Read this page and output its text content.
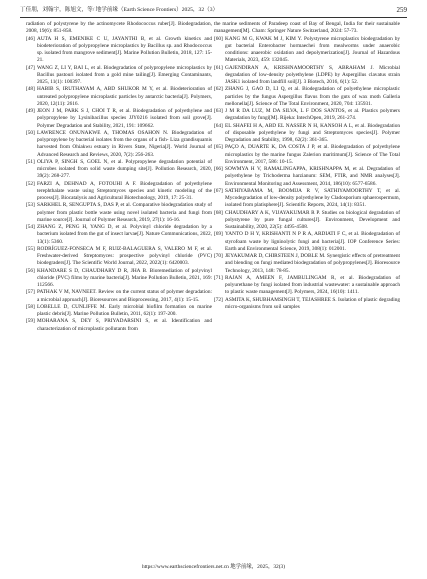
丁佳朋，刘翰宇，陈旭文，等/ 地学前缘（Earth Science Frontiers）2025，32（3）	259

radiation of polystyrene by the actinomycete Rhodococcus ruber[J]. Biodegradation, 2008, 19(6): 851-858.

[46] AUTA H S, EMENIKE C U, JAYANTHI B, et al. Growth kinetics and biodeterioration of polypropylene microplastics by Bacillus sp. and Rhodococcus sp. isolated from mangrove sediment[J]. Marine Pollution Bulletin, 2018, 127: 15-21.

[47] WANG Z, LI Y, BAI L, et al. Biodegradation of polypropylene microplastics by Bacillus pastouri isolated from a gold mine tailing[J]. Emerging Contaminants, 2025, 11(1): 100397.

[48] HABIB S, IRUTHAYAM A, ABD SHUKOR M Y, et al. Biodeterioration of untreated polypropylene microplastic particles by antarctic bacteria[J]. Polymers, 2020, 12(11): 2616.

[49] JEON J M, PARK S J, CHOI T R, et al. Biodegradation of polyethylene and polypropylene by Lysinibacillus species JJY0216 isolated from soil grove[J]. Polymer Degradation and Stability, 2021, 191: 109662.

[50] LAWRENCE ONUNAKWE A, THOMAS OSAHON N. Biodegradation of polypropylene by bacterial isolates from the organs of a fish- Liza grandisquamis harvested from Ohiakwu estuary in Rivers State, Nigeria[J]. World Journal of Advanced Research and Reviews, 2020, 7(2): 256-263.

[51] OLIYA P, SINGH S, GOEL N, et al. Polypropylene degradation potential of microbes isolated from solid waste dumping site[J]. Pollution Research, 2020, 39(2): 268-277.

[52] FARZI A, DEHNAD A, FOTOUHI A F. Biodegradation of polyethylene terephthalate waste using Streptomyces species and kinetic modeling of the process[J]. Biocatalysis and Agricultural Biotechnology, 2019, 17: 25-31.

[53] SARKHEL R, SENGUPTA S, DAS P, et al. Comparative biodegradation study of polymer from plastic bottle waste using novel isolated bacteria and fungi from marine source[J]. Journal of Polymer Research, 2019, 27(1): 16-16.

[54] ZHANG Z, PENG H, YANG D, et al. Polyvinyl chloride degradation by a bacterium isolated from the gut of insect larvae[J]. Nature Communications, 2022, 13(1): 5360.

[55] RODRÍGUEZ-FONSECA M F, RUIZ-BALAGUERA S, VALERO M F, et al. Freshwater-derived Streptomyces: prospective polyvinyl chloride (PVC) biodegraders[J]. The Scientific World Journal, 2022, 2022(1): 6420003.

[56] KHANDARE S D, CHAUDHARY D R, JHA B. Bioremediation of polyvinyl chloride (PVC) films by marine bacteria[J]. Marine Pollution Bulletin, 2021, 169: 112566.

[57] PATHAK V M, NAVNEET. Review on the current status of polymer degradation: a microbial approach[J]. Bioresources and Bioprocessing, 2017, 4(1): 15-15.

[58] LOBELLE D, CUNLIFFE M. Early microbial biofilm formation on marine plastic debris[J]. Marine Pollution Bulletin, 2011, 62(1): 197-200.

[59] MOHARANA S, DEY S, PRIYADARSINI S, et al. Identification and characterization of microplastic pollutants from

the marine sediments of Paradeep coast of Bay of Bengal, India for their sustainable management[M]. Cham: Springer Nature Switzerland, 2024: 57-73.

[60] KANG M G, KWAK M J, KIM Y. Polystyrene microplastics biodegradation by gut bacterial Enterobacter hormaechei from mealworms under anaerobic conditions: anaerobic oxidation and depolymerization[J]. Journal of Hazardous Materials, 2023, 459: 132045.

[61] GAJENDIRAN A, KRISHNAMOORTHY S, ABRAHAM J. Microbial degradation of low-density polyethylene (LDPE) by Aspergillus clavatus strain JASK1 isolated from landfill soil[J]. 3 Biotech, 2016, 6(1): 52.

[62] ZHANG J, GAO D, LI Q, et al. Biodegradation of polyethylene microplastic particles by the fungus Aspergillus flavus from the guts of wax moth Galleria mellonella[J]. Science of The Total Environment, 2020, 704: 135931.

[63] J M R DA LUZ, M DA SILVA, L F DOS SANTOS, et al. Plastics polymers degradation by fungi[M]. Rijeka: IntechOpen, 2019, 261-274.

[64] EL SHAFEI H A, ABD EL NASSER N H, KANSOH A L, et al. Biodegradation of disposable polyethylene by fungi and Streptomyces species[J]. Polymer Degradation and Stability, 1998, 62(2): 361-365.

[65] PAÇO A, DUARTE K, DA COSTA J P, et al. Biodegradation of polyethylene microplastics by the marine fungus Zalerion maritimum[J]. Science of The Total Environment, 2017, 586: 10-15.

[66] SOWMYA H V, RAMALINGAPPA, KRISHNAPPA M, et al. Degradation of polyethylene by Trichoderma harzianum: SEM, FTIR, and NMR analyses[J]. Environmental Monitoring and Assessment, 2014, 186(10): 6577-6586.

[67] SATHIYABAMA M, BOOMIJA R V, SATHIYAMOORTHY T, et al. Mycodegradation of low-density polyethylene by Cladosporium sphaerospermum, isolated from platisphere[J]. Scientific Reports, 2024, 14(1): 8351.

[68] CHAUDHARY A K, VIJAYAKUMAR R P. Studies on biological degradation of polystyrene by pure fungal cultures[J]. Environment, Development and Sustainability, 2020, 22(5): 4495-4508.

[69] YANTO D H Y, KRISHANTI N P R A, ARDIATI F C, et al. Biodegradation of styrofoam waste by ligninolytic fungi and bacteria[J]. IOP Conference Series: Earth and Environmental Science, 2019, 308(1): 012001.

[70] JEYAKUMAR D, CHIRSTEEN J, DOBLE M. Synergistic effects of pretreatment and blending on fungi mediated biodegradation of polypropylenes[J]. Bioresource Technology, 2013, 148: 78-85.

[71] RAJAN A, AMEEN F, JAMBULINGAM R, et al. Biodegradation of polyurethane by fungi isolated from industrial wastewater: a sustainable approach to plastic waste management[J]. Polymers, 2024, 16(10): 1411.

[72] ASMITA K, SHUBHAMSINGH T, TEJASHREE S. Isolation of plastic degrading micro-organisms from soil samples

https://www.earthsciencefrontiers.net.cn 地学前缘，2025，32(3)
